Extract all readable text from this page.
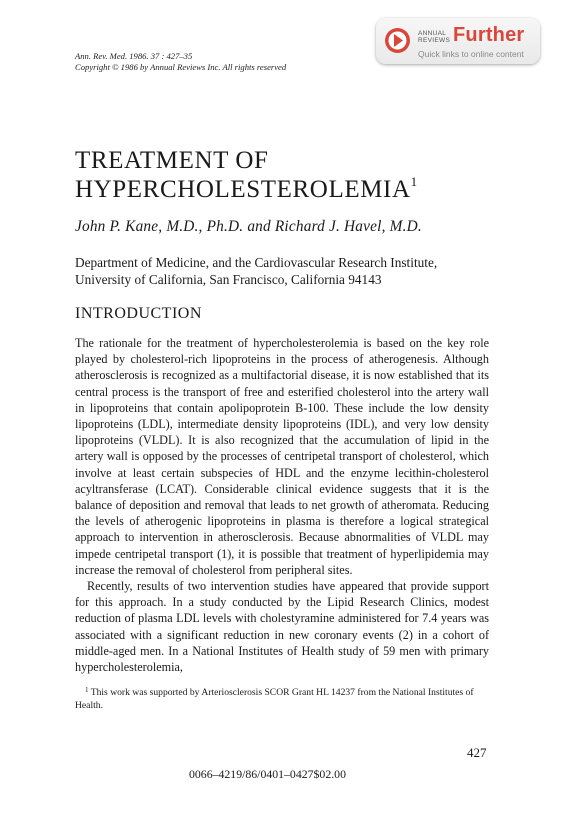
Ann. Rev. Med. 1986. 37 : 427–35
Copyright © 1986 by Annual Reviews Inc. All rights reserved
ANNUAL
REVIEWS Further
Quick links to online content
TREATMENT OF
HYPERCHOLESTEROLEMIA$^1$
John P. Kane, M.D., Ph.D. and Richard J. Havel, M.D.
Department of Medicine, and the Cardiovascular Research Institute,
University of California, San Francisco, California 94143
INTRODUCTION

The rationale for the treatment of hypercholesterolemia is based on the key role played by cholesterol-rich lipoproteins in the process of atherogenesis. Although atherosclerosis is recognized as a multifactorial disease, it is now established that its central process is the transport of free and esterified cholesterol into the artery wall in lipoproteins that contain apolipoprotein B-100. These include the low density lipoproteins (LDL), intermediate density lipoproteins (IDL), and very low density lipoproteins (VLDL). It is also recognized that the accumulation of lipid in the artery wall is opposed by the processes of centripetal transport of cholesterol, which involve at least certain subspecies of HDL and the enzyme lecithin-cholesterol acyltransferase (LCAT). Considerable clinical evidence suggests that it is the balance of deposition and removal that leads to net growth of atheromata. Reducing the levels of atherogenic lipoproteins in plasma is therefore a logical strategical approach to intervention in atherosclerosis. Because abnormalities of VLDL may impede centripetal transport (1), it is possible that treatment of hyperlipidemia may increase the removal of cholesterol from peripheral sites.

Recently, results of two intervention studies have appeared that provide support for this approach. In a study conducted by the Lipid Research Clinics, modest reduction of plasma LDL levels with cholestyramine administered for 7.4 years was associated with a significant reduction in new coronary events (2) in a cohort of middle-aged men. In a National Institutes of Health study of 59 men with primary hypercholesterolemia,

$^1$ This work was supported by Arteriosclerosis SCOR Grant HL 14237 from the National Institutes of Health.

427
0066–4219/86/0401–0427$02.00
